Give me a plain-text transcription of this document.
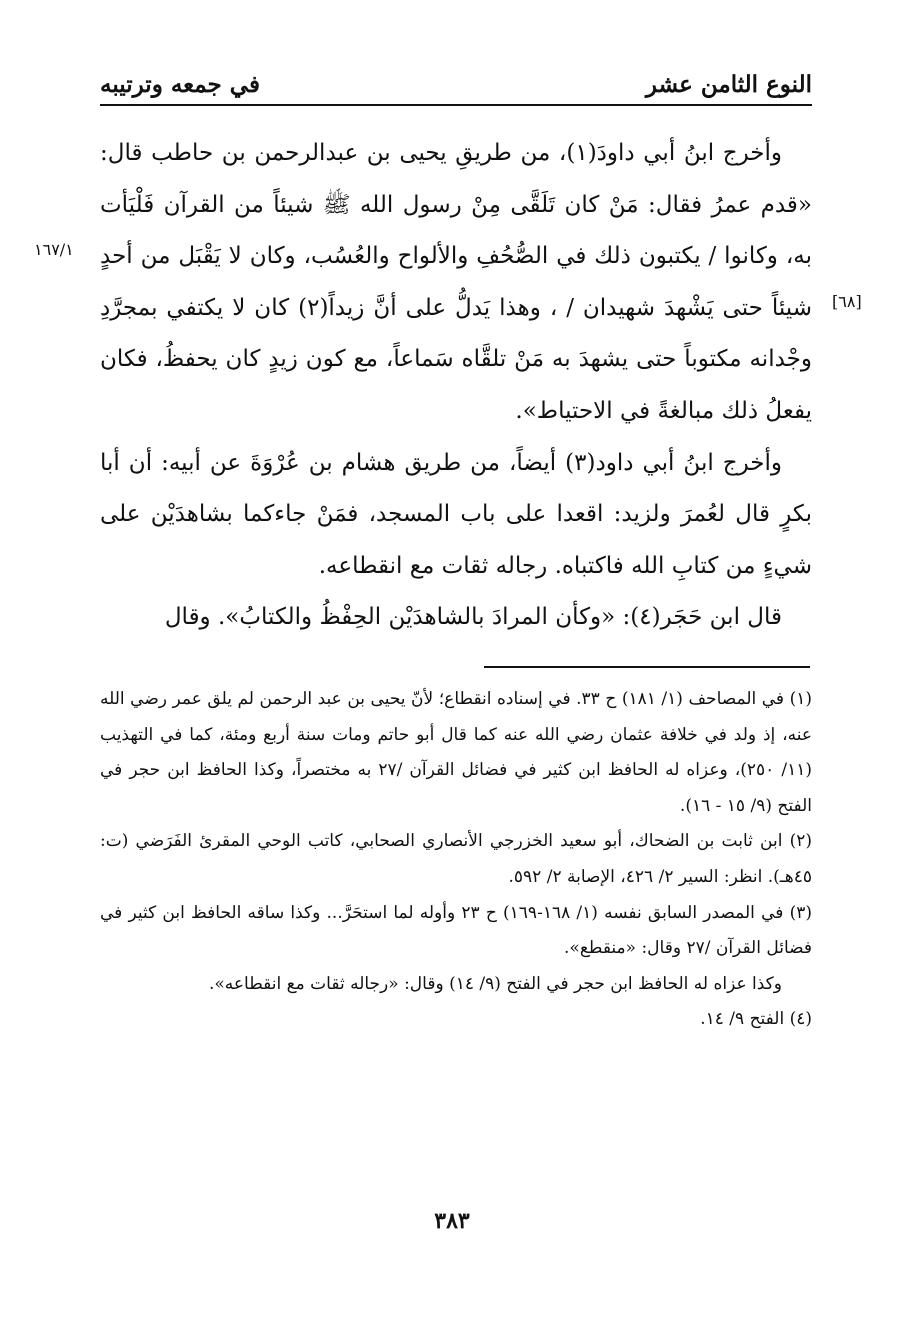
النوع الثامن عشر
في جمعه وترتيبه

وأخرج ابنُ أبي داودَ(١)، من طريقِ يحيى بن عبدالرحمن بن حاطب قال: «قدم عمرُ فقال: مَنْ كان تَلَقَّى مِنْ رسول الله ﷺ شيئاً من القرآن فَلْيَأت به، وكانوا / يكتبون ذلك في الصُّحُفِ والألواح والعُسُب، وكان لا يَقْبَل من أحدٍ شيئاً حتى يَشْهدَ شهيدان / ، وهذا يَدلُّ على أنَّ زيداً(٢) كان لا يكتفي بمجرَّدِ وجْدانه مكتوباً حتى يشهدَ به مَنْ تلقَّاه سَماعاً، مع كون زيدٍ كان يحفظُ، فكان يفعلُ ذلك مبالغةً في الاحتياط».

وأخرج ابنُ أبي داود(٣) أيضاً، من طريق هشام بن عُرْوَةَ عن أبيه: أن أبا بكرٍ قال لعُمرَ ولزيد: اقعدا على باب المسجد، فمَنْ جاءكما بشاهدَيْن على شيءٍ من كتابِ الله فاكتباه. رجاله ثقات مع انقطاعه.

قال ابن حَجَر(٤): «وكأن المرادَ بالشاهدَيْن الحِفْظُ والكتابُ». وقال

١٦٧/١
[٦٨]

(١) في المصاحف (١/ ١٨١) ح ٣٣. في إسناده انقطاع؛ لأنّ يحيى بن عبد الرحمن لم يلق عمر رضي الله عنه، إذ ولد في خلافة عثمان رضي الله عنه كما قال أبو حاتم ومات سنة أربع ومئة، كما في التهذيب (١١/ ٢٥٠)، وعزاه له الحافظ ابن كثير في فضائل القرآن /٢٧ به مختصراً، وكذا الحافظ ابن حجر في الفتح (٩/ ١٥ - ١٦).

(٢) ابن ثابت بن الضحاك، أبو سعيد الخزرجي الأنصاري الصحابي، كاتب الوحي المقرئ الفَرَضي (ت: ٤٥هـ). انظر: السير ٢/ ٤٢٦، الإصابة ٢/ ٥٩٢.

(٣) في المصدر السابق نفسه (١/ ١٦٨-١٦٩) ح ٢٣ وأوله لما استحَرَّ... وكذا ساقه الحافظ ابن كثير في فضائل القرآن /٢٧ وقال: «منقطع».

وكذا عزاه له الحافظ ابن حجر في الفتح (٩/ ١٤) وقال: «رجاله ثقات مع انقطاعه».

(٤) الفتح ٩/ ١٤.

٣٨٣
